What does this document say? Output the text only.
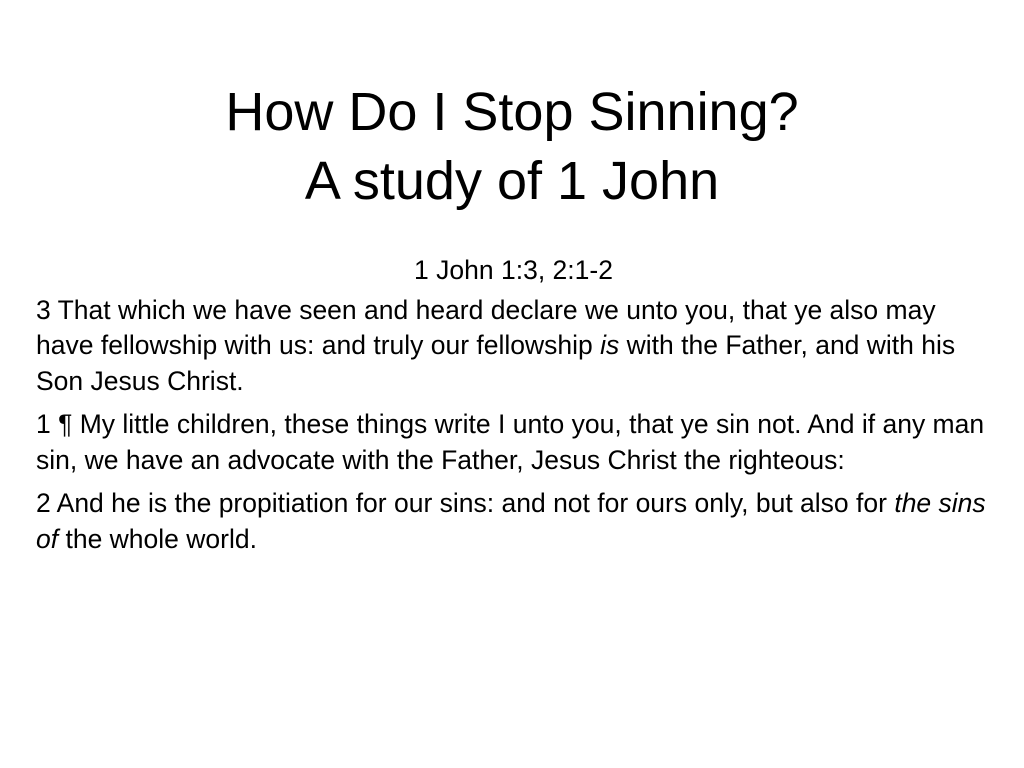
How Do I Stop Sinning?
A study of 1 John

1 John 1:3, 2:1-2

3 That which we have seen and heard declare we unto you, that ye also may have fellowship with us: and truly our fellowship is with the Father, and with his Son Jesus Christ.

1 ¶ My little children, these things write I unto you, that ye sin not. And if any man sin, we have an advocate with the Father, Jesus Christ the righteous:

2 And he is the propitiation for our sins: and not for ours only, but also for the sins of the whole world.
